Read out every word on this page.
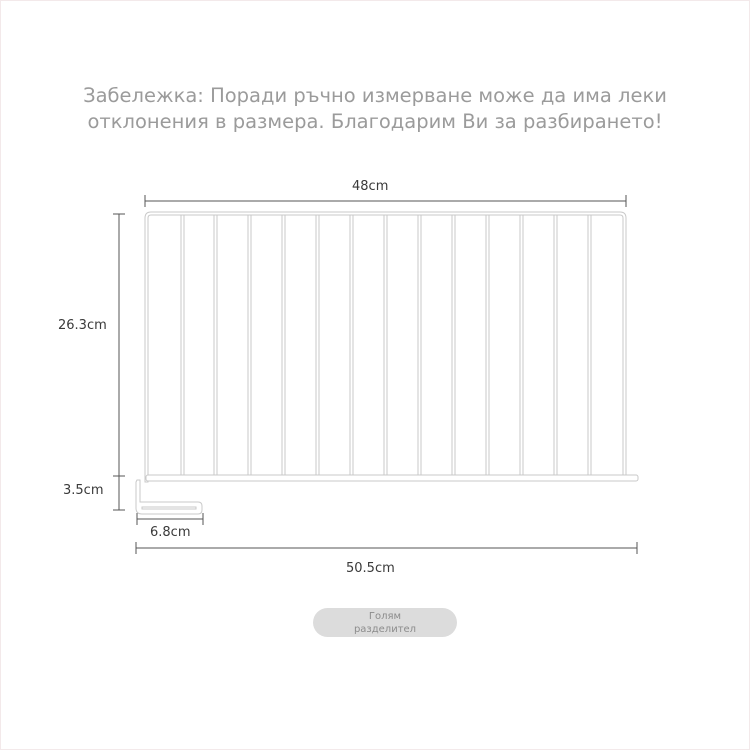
Забележка: Поради ръчно измерване може да има леки
отклонения в размера. Благодарим Ви за разбирането!
48cm
26.3cm
3.5cm
6.8cm
50.5cm
Голям
разделител
